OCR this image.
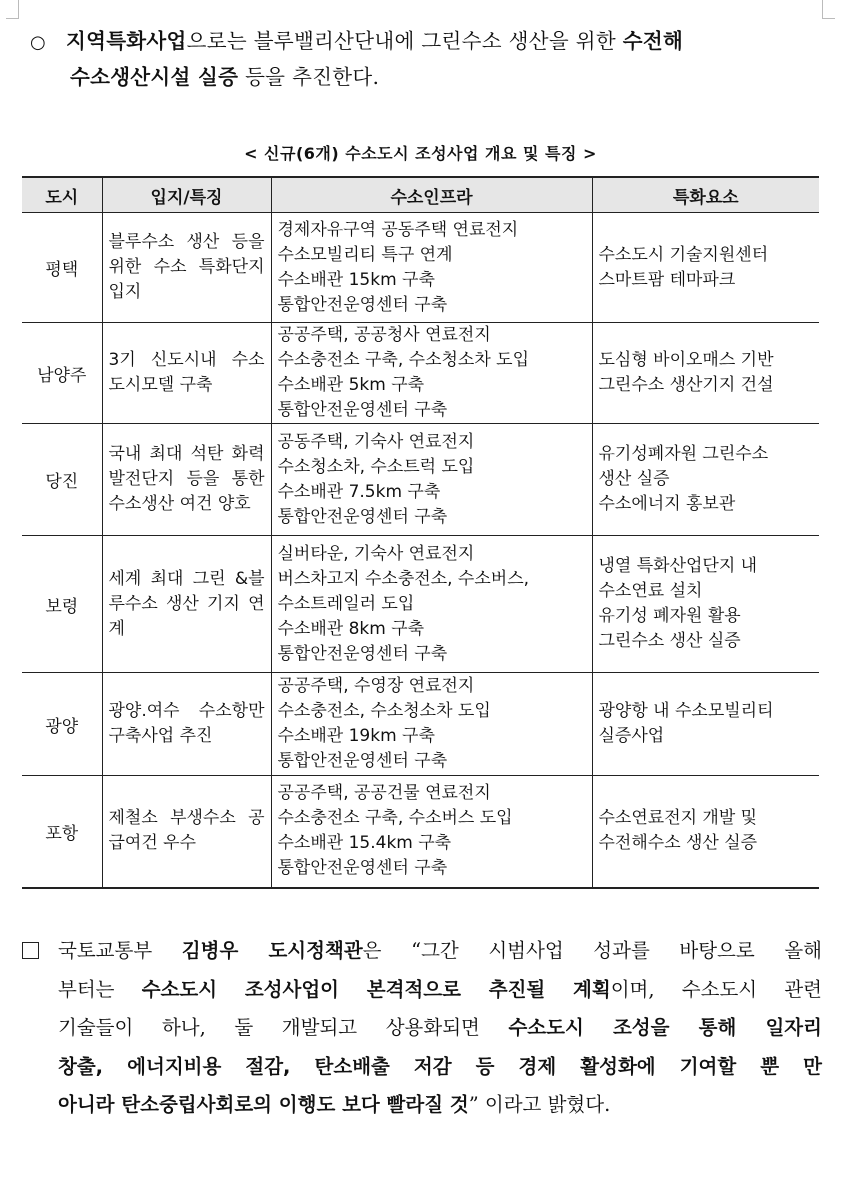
○ 지역특화사업으로는 블루밸리산단내에 그린수소 생산을 위한 수전해
수소생산시설 실증 등을 추진한다.
< 신규(6개) 수소도시 조성사업 개요 및 특징 >
도시	입지/특징	수소인프라	특화요소
평택	블루수소 생산 등을 위한 수소 특화단지 입지	경제자유구역 공동주택 연료전지
수소모빌리티 특구 연계
수소배관 15km 구축
통합안전운영센터 구축	수소도시 기술지원센터
스마트팜 테마파크

남양주	3기 신도시내 수소 도시모델 구축	공공주택, 공공청사 연료전지
수소충전소 구축, 수소청소차 도입
수소배관 5km 구축
통합안전운영센터 구축	도심형 바이오매스 기반
그린수소 생산기지 건설

당진	국내 최대 석탄 화력발전단지 등을 통한 수소생산 여건 양호	공동주택, 기숙사 연료전지
수소청소차, 수소트럭 도입
수소배관 7.5km 구축
통합안전운영센터 구축	유기성폐자원 그린수소
생산 실증
수소에너지 홍보관

보령	세계 최대 그린 &블루수소 생산 기지 연계	실버타운, 기숙사 연료전지
버스차고지 수소충전소, 수소버스,
수소트레일러 도입
수소배관 8km 구축
통합안전운영센터 구축	냉열 특화산업단지 내
수소연료 설치
유기성 폐자원 활용
그린수소 생산 실증

광양	광양.여수 수소항만 구축사업 추진	공공주택, 수영장 연료전지
수소충전소, 수소청소차 도입
수소배관 19km 구축
통합안전운영센터 구축	광양항 내 수소모빌리티
실증사업

포항	제철소 부생수소 공급여건 우수	공공주택, 공공건물 연료전지
수소충전소 구축, 수소버스 도입
수소배관 15.4km 구축
통합안전운영센터 구축	수소연료전지 개발 및
수전해수소 생산 실증
국토교통부 김병우 도시정책관은 “그간 시범사업 성과를 바탕으로 올해
부터는 수소도시 조성사업이 본격적으로 추진될 계획이며, 수소도시 관련
기술들이 하나, 둘 개발되고 상용화되면 수소도시 조성을 통해 일자리
창출, 에너지비용 절감, 탄소배출 저감 등 경제 활성화에 기여할 뿐 만
아니라 탄소중립사회로의 이행도 보다 빨라질 것” 이라고 밝혔다.
